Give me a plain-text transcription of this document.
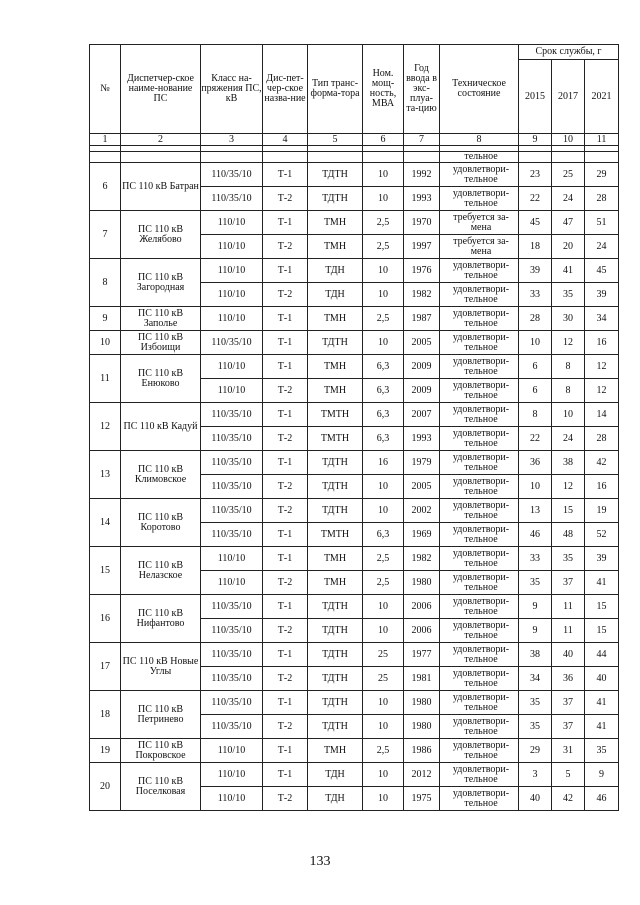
№	Диспетчер-ское наиме-нование ПС	Класс на-пряжения ПС, кВ	Дис-пет-чер-ское назва-ние	Тип транс-форма-тора	Ном. мощ-ность, МВА	Год ввода в экс-плуа-та-цию	Техническое состояние	Срок службы, г		
								2015	2017	2021
1	2	3	4	5	6	7	8	9	10	11

							тельное			
6	ПС 110 кВ Батран	110/35/10	Т-1	ТДТН	10	1992	удовлетвори-тельное	23	25	29
		110/35/10	Т-2	ТДТН	10	1993	удовлетвори-тельное	22	24	28
7	ПС 110 кВ Желябово	110/10	Т-1	ТМН	2,5	1970	требуется за-мена	45	47	51
		110/10	Т-2	ТМН	2,5	1997	требуется за-мена	18	20	24
8	ПС 110 кВ Загородная	110/10	Т-1	ТДН	10	1976	удовлетвори-тельное	39	41	45
		110/10	Т-2	ТДН	10	1982	удовлетвори-тельное	33	35	39
9	ПС 110 кВ Заполье	110/10	Т-1	ТМН	2,5	1987	удовлетвори-тельное	28	30	34
10	ПС 110 кВ Избоищи	110/35/10	Т-1	ТДТН	10	2005	удовлетвори-тельное	10	12	16
11	ПС 110 кВ Енюково	110/10	Т-1	ТМН	6,3	2009	удовлетвори-тельное	6	8	12
		110/10	Т-2	ТМН	6,3	2009	удовлетвори-тельное	6	8	12
12	ПС 110 кВ Кадуй	110/35/10	Т-1	ТМТН	6,3	2007	удовлетвори-тельное	8	10	14
		110/35/10	Т-2	ТМТН	6,3	1993	удовлетвори-тельное	22	24	28
13	ПС 110 кВ Климовское	110/35/10	Т-1	ТДТН	16	1979	удовлетвори-тельное	36	38	42
		110/35/10	Т-2	ТДТН	10	2005	удовлетвори-тельное	10	12	16
14	ПС 110 кВ Коротово	110/35/10	Т-2	ТДТН	10	2002	удовлетвори-тельное	13	15	19
		110/35/10	Т-1	ТМТН	6,3	1969	удовлетвори-тельное	46	48	52
15	ПС 110 кВ Нелазское	110/10	Т-1	ТМН	2,5	1982	удовлетвори-тельное	33	35	39
		110/10	Т-2	ТМН	2,5	1980	удовлетвори-тельное	35	37	41
16	ПС 110 кВ Нифантово	110/35/10	Т-1	ТДТН	10	2006	удовлетвори-тельное	9	11	15
		110/35/10	Т-2	ТДТН	10	2006	удовлетвори-тельное	9	11	15
17	ПС 110 кВ Новые Углы	110/35/10	Т-1	ТДТН	25	1977	удовлетвори-тельное	38	40	44
		110/35/10	Т-2	ТДТН	25	1981	удовлетвори-тельное	34	36	40
18	ПС 110 кВ Петринево	110/35/10	Т-1	ТДТН	10	1980	удовлетвори-тельное	35	37	41
		110/35/10	Т-2	ТДТН	10	1980	удовлетвори-тельное	35	37	41
19	ПС 110 кВ Покровское	110/10	Т-1	ТМН	2,5	1986	удовлетвори-тельное	29	31	35
20	ПС 110 кВ Поселковая	110/10	Т-1	ТДН	10	2012	удовлетвори-тельное	3	5	9
		110/10	Т-2	ТДН	10	1975	удовлетвори-тельное	40	42	46
133
